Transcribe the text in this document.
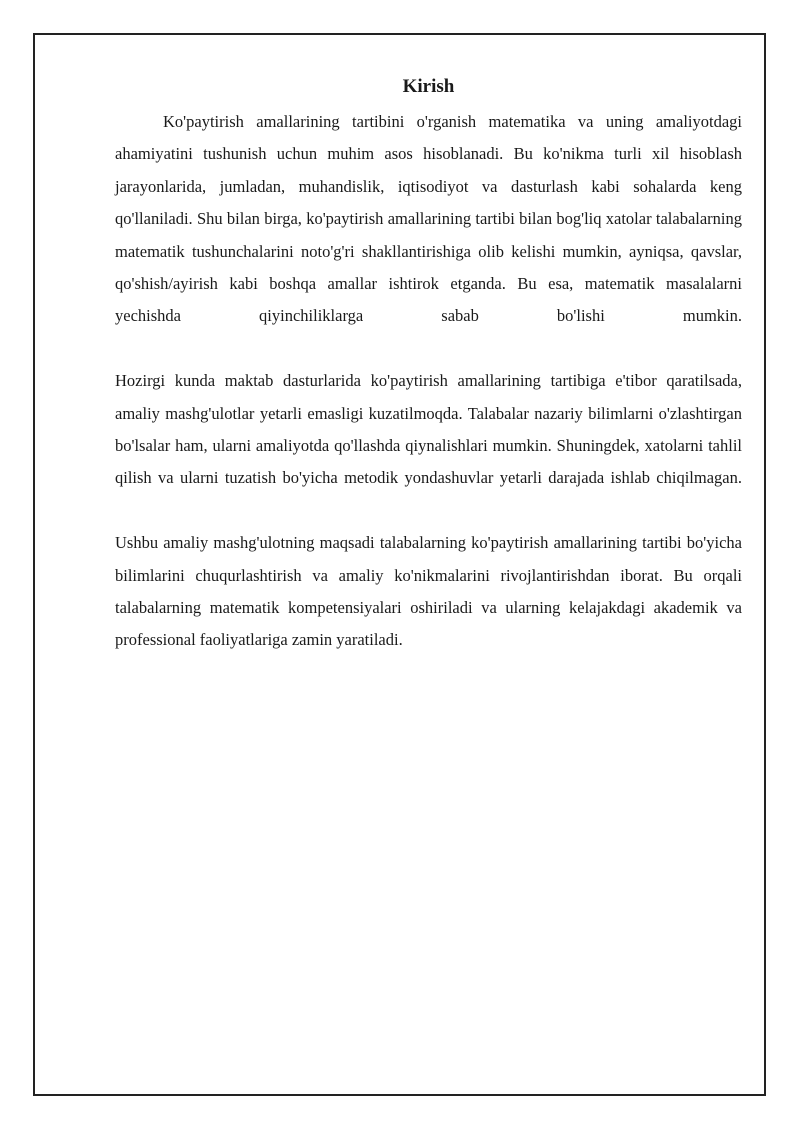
Kirish

Ko'paytirish amallarining tartibini o'rganish matematika va uning amaliyotdagi ahamiyatini tushunish uchun muhim asos hisoblanadi. Bu ko'nikma turli xil hisoblash jarayonlarida, jumladan, muhandislik, iqtisodiyot va dasturlash kabi sohalarda keng qo'llaniladi. Shu bilan birga, ko'paytirish amallarining tartibi bilan bog'liq xatolar talabalarning matematik tushunchalarini noto'g'ri shakllantirishiga olib kelishi mumkin, ayniqsa, qavslar, qo'shish/ayirish kabi boshqa amallar ishtirok etganda. Bu esa, matematik masalalarni yechishda qiyinchiliklarga sabab bo'lishi mumkin.

Hozirgi kunda maktab dasturlarida ko'paytirish amallarining tartibiga e'tibor qaratilsada, amaliy mashg'ulotlar yetarli emasligi kuzatilmoqda. Talabalar nazariy bilimlarni o'zlashtirgan bo'lsalar ham, ularni amaliyotda qo'llashda qiynalishlari mumkin. Shuningdek, xatolarni tahlil qilish va ularni tuzatish bo'yicha metodik yondashuvlar yetarli darajada ishlab chiqilmagan.

Ushbu amaliy mashg'ulotning maqsadi talabalarning ko'paytirish amallarining tartibi bo'yicha bilimlarini chuqurlashtirish va amaliy ko'nikmalarini rivojlantirishdan iborat. Bu orqali talabalarning matematik kompetensiyalari oshiriladi va ularning kelajakdagi akademik va professional faoliyatlariga zamin yaratiladi.
